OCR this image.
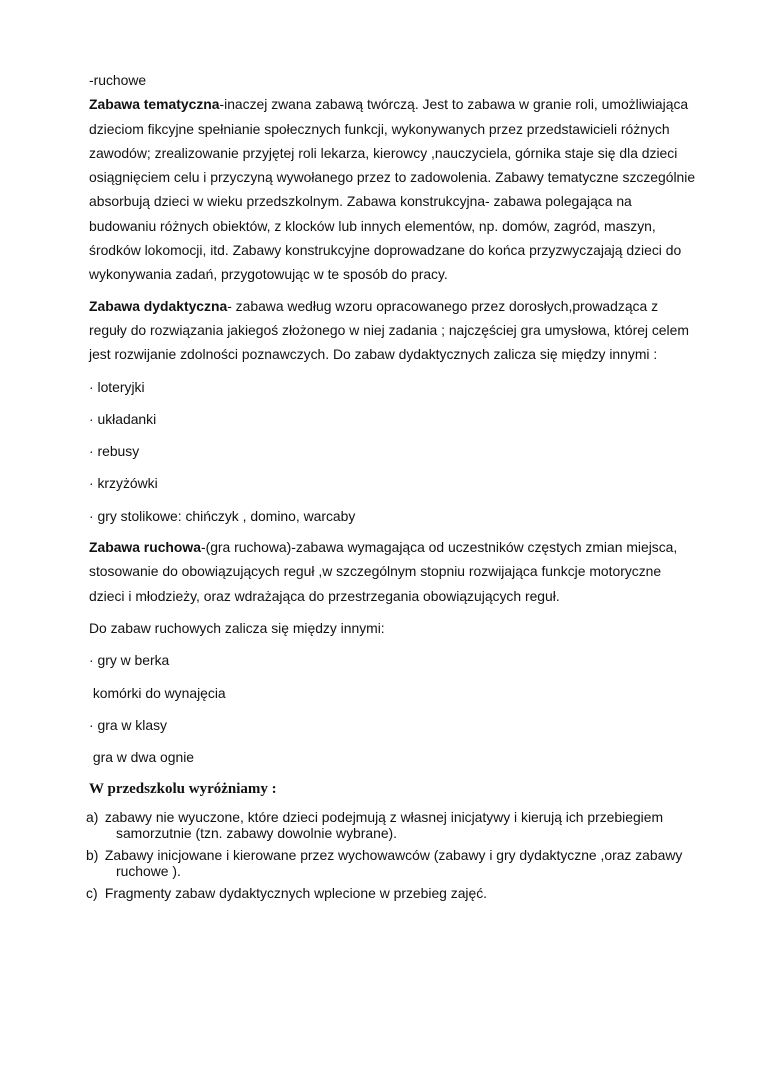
-ruchowe

Zabawa tematyczna-inaczej zwana zabawą twórczą. Jest to zabawa w granie roli, umożliwiająca dzieciom fikcyjne spełnianie społecznych funkcji, wykonywanych przez przedstawicieli różnych zawodów; zrealizowanie przyjętej roli lekarza, kierowcy ,nauczyciela, górnika staje się dla dzieci osiągnięciem celu i przyczyną wywołanego przez to zadowolenia. Zabawy tematyczne szczególnie absorbują dzieci w wieku przedszkolnym. Zabawa konstrukcyjna- zabawa polegająca na budowaniu różnych obiektów, z klocków lub innych elementów, np. domów, zagród, maszyn, środków lokomocji, itd. Zabawy konstrukcyjne doprowadzane do końca przyzwyczajają dzieci do wykonywania zadań, przygotowując w te sposób do pracy.

Zabawa dydaktyczna- zabawa według wzoru opracowanego przez dorosłych,prowadząca z reguły do rozwiązania jakiegoś złożonego w niej zadania ; najczęściej gra umysłowa, której celem jest rozwijanie zdolności poznawczych. Do zabaw dydaktycznych zalicza się między innymi :

· loteryjki

· układanki

· rebusy

· krzyżówki

· gry stolikowe: chińczyk , domino, warcaby

Zabawa ruchowa-(gra ruchowa)-zabawa wymagająca od uczestników częstych zmian miejsca, stosowanie do obowiązujących reguł ,w szczególnym stopniu rozwijająca funkcje motoryczne dzieci i młodzieży, oraz wdrażająca do przestrzegania obowiązujących reguł.

Do zabaw ruchowych zalicza się między innymi:

· gry w berka

komórki do wynajęcia

· gra w klasy

gra w dwa ognie

W przedszkolu wyróżniamy :

a) zabawy nie wyuczone, które dzieci podejmują z własnej inicjatywy i kierują ich przebiegiem samorzutnie (tzn. zabawy dowolnie wybrane).
b) Zabawy inicjowane i kierowane przez wychowawców (zabawy i gry dydaktyczne ,oraz zabawy ruchowe ).
c) Fragmenty zabaw dydaktycznych wplecione w przebieg zajęć.
